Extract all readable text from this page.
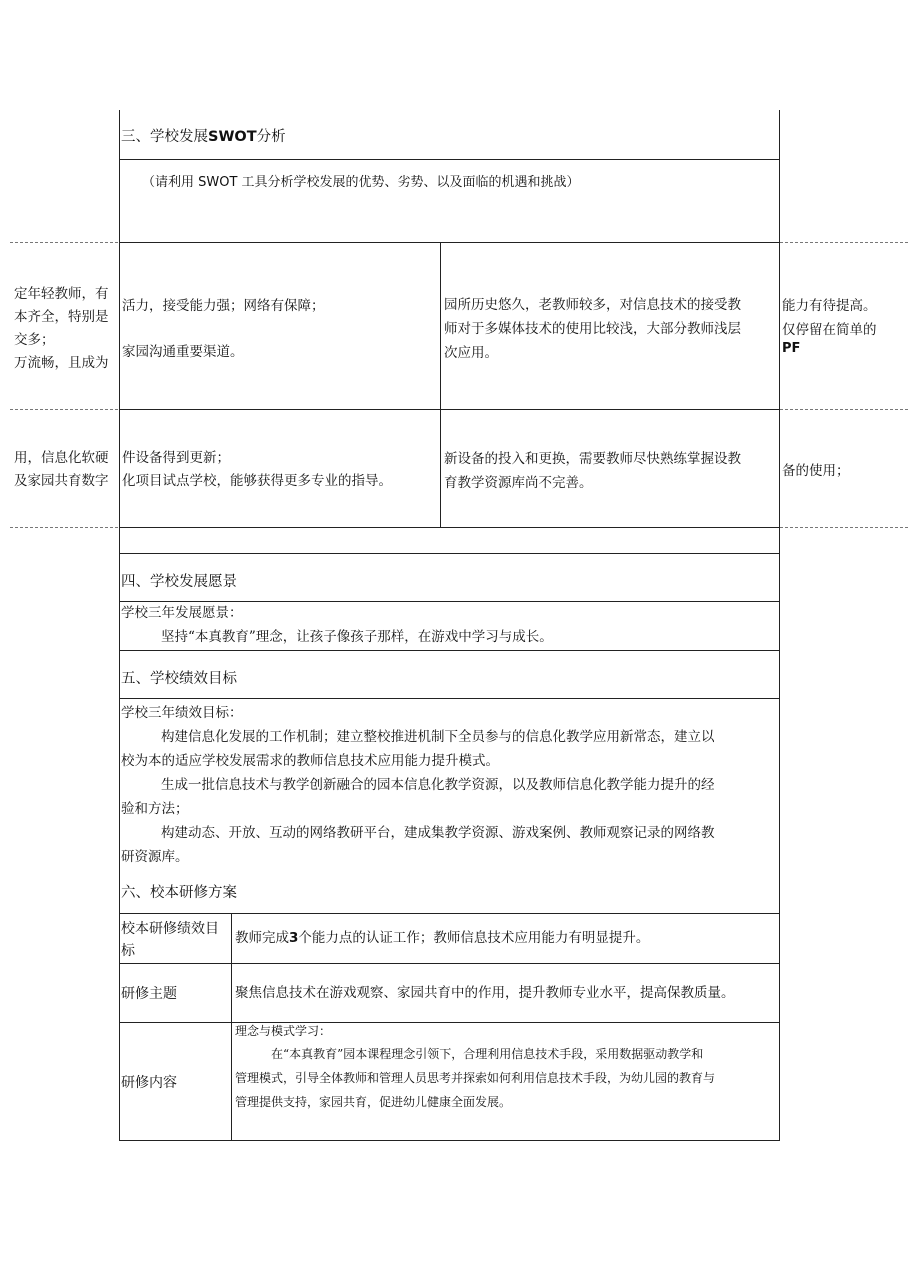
三、学校发展SWOT分析
（请利用 SWOT 工具分析学校发展的优势、劣势、以及面临的机遇和挑战）
定年轻教师，有
本齐全，特别是
交多；
万流畅，且成为
活力，接受能力强；网络有保障；
家园沟通重要渠道。
园所历史悠久，老教师较多，对信息技术的接受教
师对于多媒体技术的使用比较浅，大部分教师浅层
次应用。
能力有待提高。
仅停留在简单的
PF
用，信息化软硬
及家园共育数字
件设备得到更新；
化项目试点学校，能够获得更多专业的指导。
新设备的投入和更换，需要教师尽快熟练掌握设教
育教学资源库尚不完善。
备的使用；
四、学校发展愿景
学校三年发展愿景：
坚持“本真教育”理念，让孩子像孩子那样，在游戏中学习与成长。
五、学校绩效目标
学校三年绩效目标：
构建信息化发展的工作机制；建立整校推进机制下全员参与的信息化教学应用新常态，建立以
校为本的适应学校发展需求的教师信息技术应用能力提升模式。
生成一批信息技术与教学创新融合的园本信息化教学资源，以及教师信息化教学能力提升的经
验和方法；
构建动态、开放、互动的网络教研平台，建成集教学资源、游戏案例、教师观察记录的网络教
研资源库。
六、校本研修方案
校本研修绩效目
标
教师完成3个能力点的认证工作；教师信息技术应用能力有明显提升。
研修主题	聚焦信息技术在游戏观察、家园共育中的作用，提升教师专业水平，提高保教质量。
研修内容
理念与模式学习：
在“本真教育”园本课程理念引领下，合理利用信息技术手段，采用数据驱动教学和
管理模式，引导全体教师和管理人员思考并探索如何利用信息技术手段，为幼儿园的教育与
管理提供支持，家园共育，促进幼儿健康全面发展。
